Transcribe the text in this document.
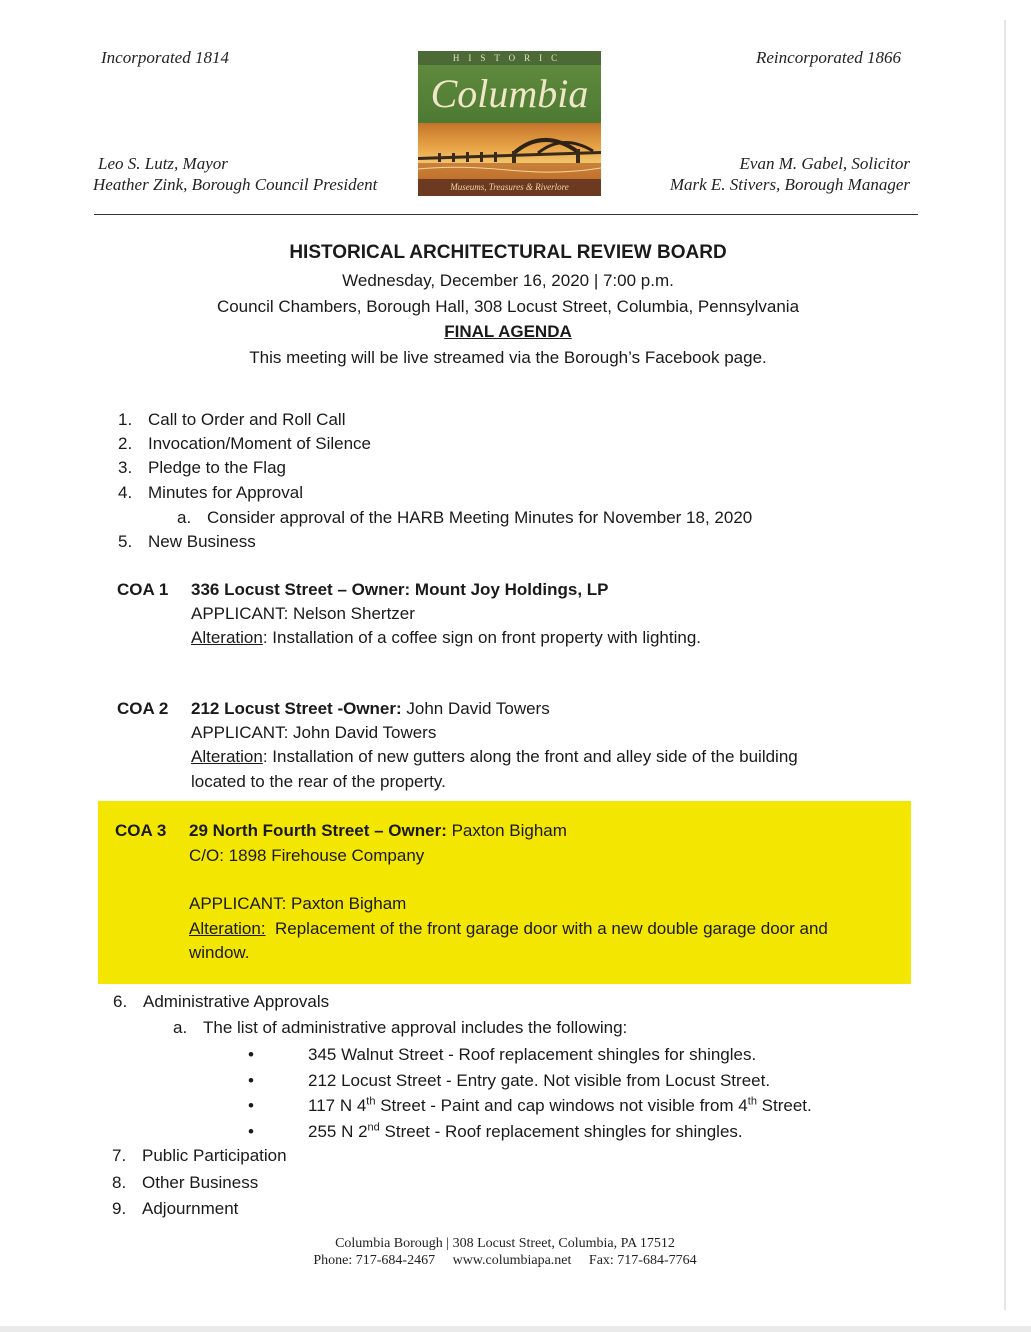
Incorporated 1814	Reincorporated 1866
Leo S. Lutz, Mayor
Heather Zink, Borough Council President
Evan M. Gabel, Solicitor
Mark E. Stivers, Borough Manager
HISTORIC
Columbia
Museums, Treasures & Riverlore
HISTORICAL ARCHITECTURAL REVIEW BOARD
Wednesday, December 16, 2020 | 7:00 p.m.
Council Chambers, Borough Hall, 308 Locust Street, Columbia, Pennsylvania
FINAL AGENDA
This meeting will be live streamed via the Borough’s Facebook page.
1. Call to Order and Roll Call
2. Invocation/Moment of Silence
3. Pledge to the Flag
4. Minutes for Approval
a. Consider approval of the HARB Meeting Minutes for November 18, 2020
5. New Business
COA 1 336 Locust Street – Owner: Mount Joy Holdings, LP
APPLICANT: Nelson Shertzer
Alteration: Installation of a coffee sign on front property with lighting.
COA 2 212 Locust Street -Owner: John David Towers
APPLICANT: John David Towers
Alteration: Installation of new gutters along the front and alley side of the building
located to the rear of the property.
COA 3 29 North Fourth Street – Owner: Paxton Bigham
C/O: 1898 Firehouse Company
APPLICANT: Paxton Bigham
Alteration:  Replacement of the front garage door with a new double garage door and
window.
6. Administrative Approvals
a. The list of administrative approval includes the following:
•	345 Walnut Street - Roof replacement shingles for shingles.
•	212 Locust Street - Entry gate. Not visible from Locust Street.
•	117 N 4th Street - Paint and cap windows not visible from 4th Street.
•	255 N 2nd Street - Roof replacement shingles for shingles.
7. Public Participation
8. Other Business
9. Adjournment
Columbia Borough | 308 Locust Street, Columbia, PA 17512
Phone: 717-684-2467 www.columbiapa.net Fax: 717-684-7764
